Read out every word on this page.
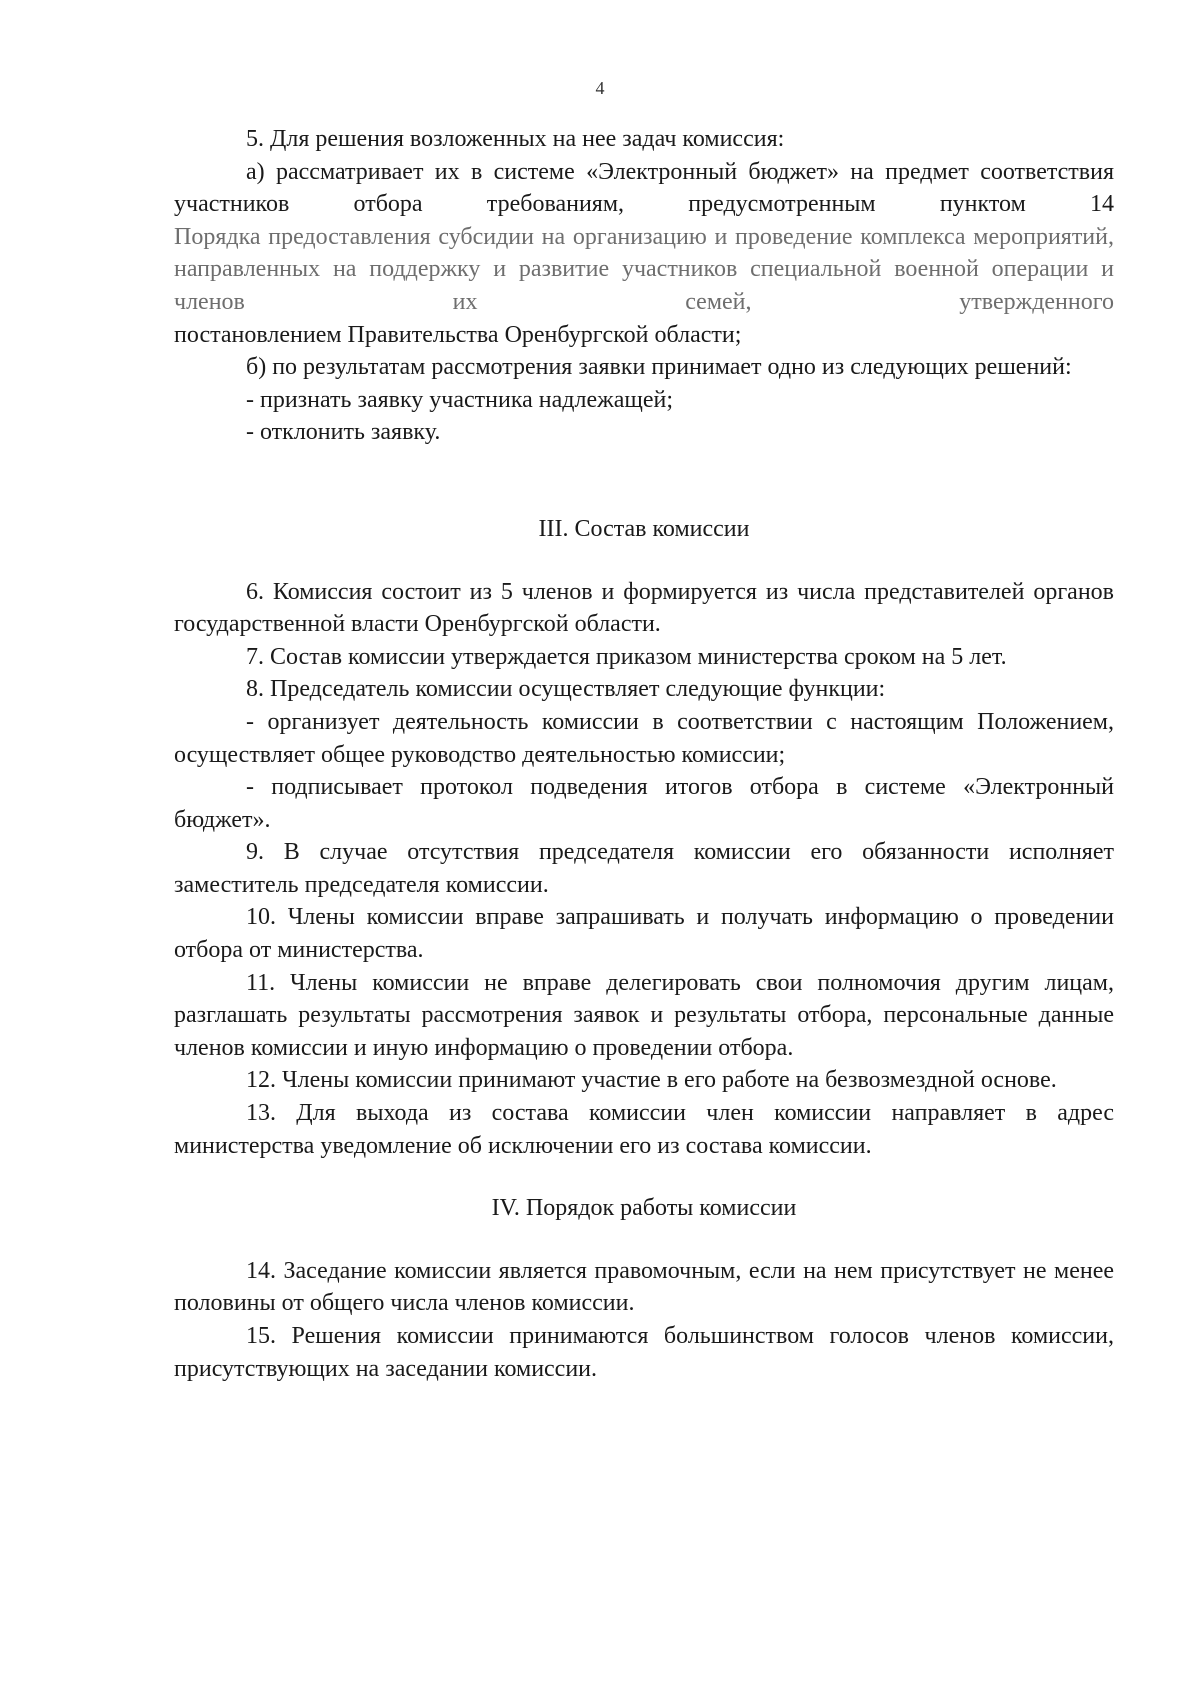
4

5. Для решения возложенных на нее задач комиссия:

а) рассматривает их в системе «Электронный бюджет» на предмет соответствия участников отбора требованиям, предусмотренным пунктом 14

Порядка предоставления субсидии на организацию и проведение комплекса мероприятий, направленных на поддержку и развитие участников специальной военной операции и членов их семей, утвержденного

постановлением Правительства Оренбургской области;

б) по результатам рассмотрения заявки принимает одно из следующих решений:

- признать заявку участника надлежащей;

- отклонить заявку.

III. Состав комиссии

6. Комиссия состоит из 5 членов и формируется из числа представителей органов государственной власти Оренбургской области.

7. Состав комиссии утверждается приказом министерства сроком на 5 лет.

8. Председатель комиссии осуществляет следующие функции:

- организует деятельность комиссии в соответствии с настоящим Положением, осуществляет общее руководство деятельностью комиссии;

- подписывает протокол подведения итогов отбора в системе «Электронный бюджет».

9. В случае отсутствия председателя комиссии его обязанности исполняет заместитель председателя комиссии.

10. Члены комиссии вправе запрашивать и получать информацию о проведении отбора от министерства.

11. Члены комиссии не вправе делегировать свои полномочия другим лицам, разглашать результаты рассмотрения заявок и результаты отбора, персональные данные членов комиссии и иную информацию о проведении отбора.

12. Члены комиссии принимают участие в его работе на безвозмездной основе.

13. Для выхода из состава комиссии член комиссии направляет в адрес министерства уведомление об исключении его из состава комиссии.

IV. Порядок работы комиссии

14. Заседание комиссии является правомочным, если на нем присутствует не менее половины от общего числа членов комиссии.

15. Решения комиссии принимаются большинством голосов членов комиссии, присутствующих на заседании комиссии.
